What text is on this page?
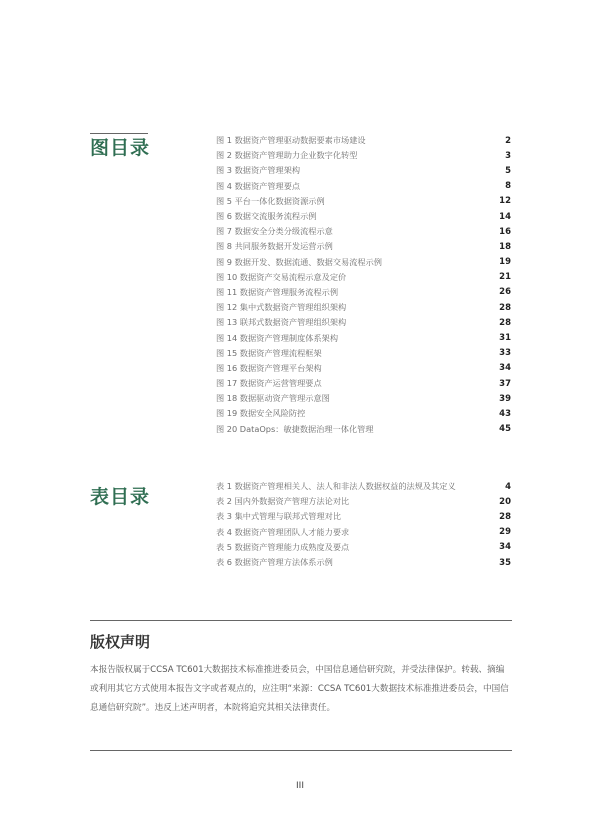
图目录	图 1 数据资产管理驱动数据要素市场建设	2
图 2 数据资产管理助力企业数字化转型	3
图 3 数据资产管理架构	5
图 4 数据资产管理要点	8
图 5 平台一体化数据资源示例	12
图 6 数据交流服务流程示例	14
图 7 数据安全分类分级流程示意	16
图 8 共同服务数据开发运营示例	18
图 9 数据开发、数据流通、数据交易流程示例	19
图 10 数据资产交易流程示意及定价	21
图 11 数据资产管理服务流程示例	26
图 12 集中式数据资产管理组织架构	28
图 13 联邦式数据资产管理组织架构	28
图 14 数据资产管理制度体系架构	31
图 15 数据资产管理流程框架	33
图 16 数据资产管理平台架构	34
图 17 数据资产运营管理要点	37
图 18 数据驱动资产管理示意图	39
图 19 数据安全风险防控	43
图 20 DataOps：敏捷数据治理一体化管理	45
表目录	表 1 数据资产管理相关人、法人和非法人数据权益的法规及其定义	4
表 2 国内外数据资产管理方法论对比	20
表 3 集中式管理与联邦式管理对比	28
表 4 数据资产管理团队人才能力要求	29
表 5 数据资产管理能力成熟度及要点	34
表 6 数据资产管理方法体系示例	35
版权声明
本报告版权属于CCSA TC601大数据技术标准推进委员会，中国信息通信研究院，并受法律保护。转载、摘编或利用其它方式使用本报告文字或者观点的，应注明“来源：CCSA TC601大数据技术标准推进委员会，中国信息通信研究院”。违反上述声明者，本院将追究其相关法律责任。
III
